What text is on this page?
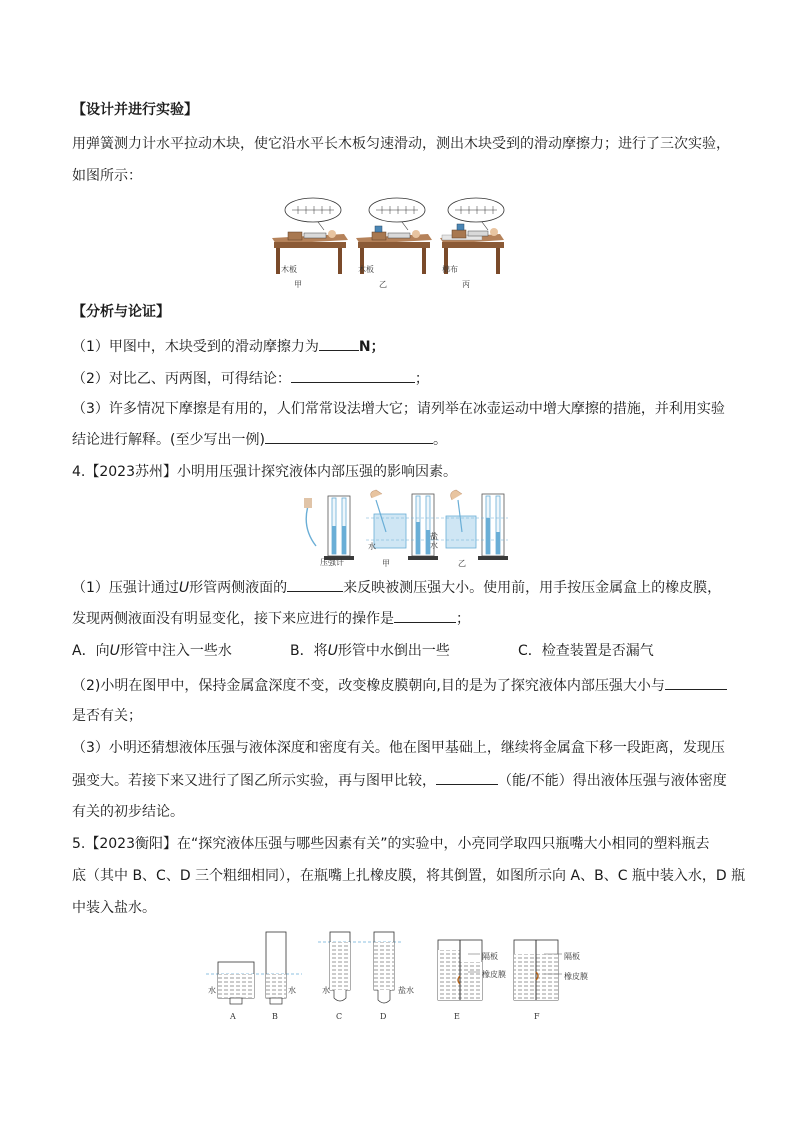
【设计并进行实验】
用弹簧测力计水平拉动木块，使它沿水平长木板匀速滑动，测出木块受到的滑动摩擦力；进行了三次实验，
如图所示：
木板	木板	棉布
甲	乙	丙
【分析与论证】
（1）甲图中，木块受到的滑动摩擦力为	N；
（2）对比乙、丙两图，可得结论：	；
（3）许多情况下摩擦是有用的，人们常常设法增大它；请列举在冰壶运动中增大摩擦的措施，并利用实验
结论进行解释。(至少写出一例)	。
4.【2023苏州】小明用压强计探究液体内部压强的影响因素。
压强计
水
盐水
甲	乙
（1）压强计通过U形管两侧液面的	来反映被测压强大小。使用前，用手按压金属盒上的橡皮膜，
发现两侧液面没有明显变化，接下来应进行的操作是	；
A．向U形管中注入一些水	B．将U形管中水倒出一些	C．检查装置是否漏气
（2)小明在图甲中，保持金属盒深度不变，改变橡皮膜朝向,目的是为了探究液体内部压强大小与
是否有关；
（3）小明还猜想液体压强与液体深度和密度有关。他在图甲基础上，继续将金属盒下移一段距离，发现压
强变大。若接下来又进行了图乙所示实验，再与图甲比较，	（能/不能）得出液体压强与液体密度
有关的初步结论。
5.【2023衡阳】在“探究液体压强与哪些因素有关”的实验中，小亮同学取四只瓶嘴大小相同的塑料瓶去
底（其中 B、C、D 三个粗细相同），在瓶嘴上扎橡皮膜，将其倒置，如图所示向 A、B、C 瓶中装入水，D 瓶
中装入盐水。
水	水	水	盐水
隔板
橡皮膜
隔板
橡皮膜
A	B	C	D	E	F
